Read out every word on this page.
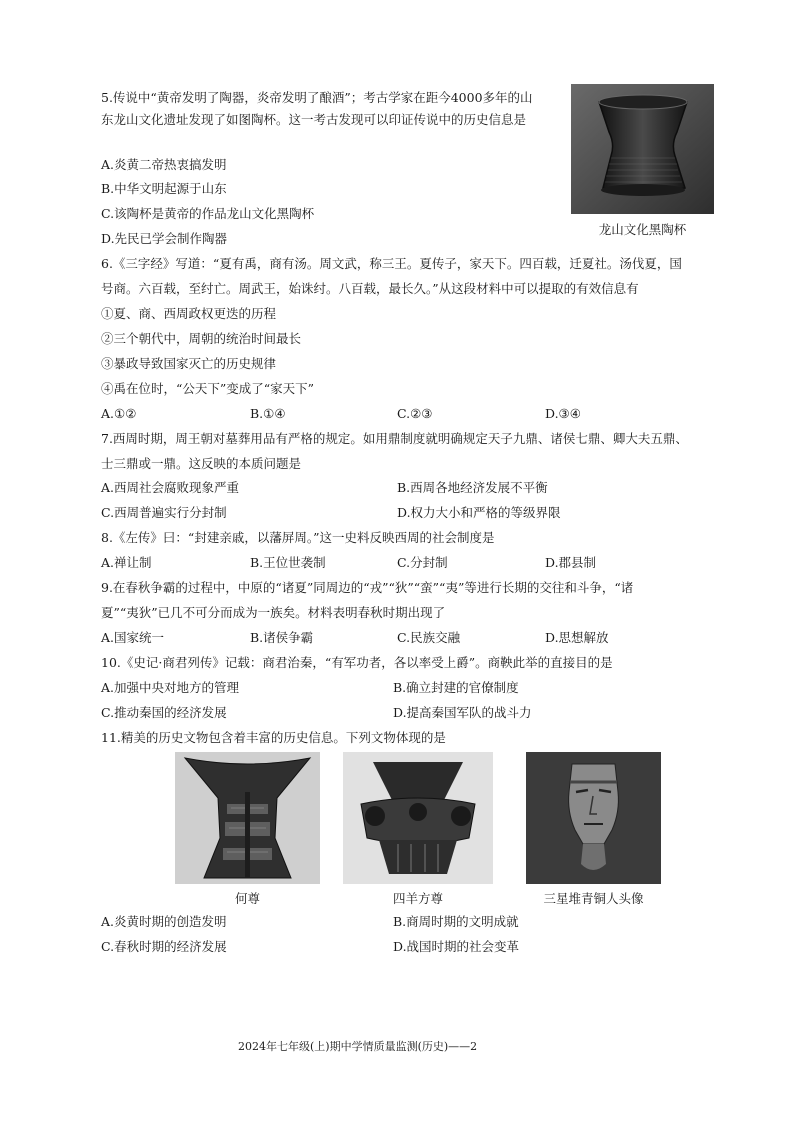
5.传说中“黄帝发明了陶器，炎帝发明了酿酒”；考古学家在距今4000多年的山
东龙山文化遗址发现了如图陶杯。这一考古发现可以印证传说中的历史信息是
龙山文化黑陶杯
A.炎黄二帝热衷搞发明
B.中华文明起源于山东
C.该陶杯是黄帝的作品龙山文化黑陶杯
D.先民已学会制作陶器
6.《三字经》写道：“夏有禹，商有汤。周文武，称三王。夏传子，家天下。四百载，迁夏社。汤伐夏，国
号商。六百载，至纣亡。周武王，始诛纣。八百载，最长久。”从这段材料中可以提取的有效信息有
①夏、商、西周政权更迭的历程
②三个朝代中，周朝的统治时间最长
③暴政导致国家灭亡的历史规律
④禹在位时，“公天下”变成了“家天下”
A.①②	B.①④	C.②③	D.③④
7.西周时期，周王朝对墓葬用品有严格的规定。如用鼎制度就明确规定天子九鼎、诸侯七鼎、卿大夫五鼎、
士三鼎或一鼎。这反映的本质问题是
A.西周社会腐败现象严重	B.西周各地经济发展不平衡
C.西周普遍实行分封制	D.权力大小和严格的等级界限
8.《左传》曰：“封建亲戚，以藩屏周。”这一史料反映西周的社会制度是
A.禅让制	B.王位世袭制	C.分封制	D.郡县制
9.在春秋争霸的过程中，中原的“诸夏”同周边的“戎”“狄”“蛮”“夷”等进行长期的交往和斗争，“诸
夏”“夷狄”已几不可分而成为一族矣。材料表明春秋时期出现了
A.国家统一	B.诸侯争霸	C.民族交融	D.思想解放
10.《史记·商君列传》记载：商君治秦，“有军功者，各以率受上爵”。商鞅此举的直接目的是
A.加强中央对地方的管理	B.确立封建的官僚制度
C.推动秦国的经济发展	D.提高秦国军队的战斗力
11.精美的历史文物包含着丰富的历史信息。下列文物体现的是
何尊	四羊方尊	三星堆青铜人头像
A.炎黄时期的创造发明	B.商周时期的文明成就
C.春秋时期的经济发展	D.战国时期的社会变革
2024年七年级(上)期中学情质量监测(历史)——2
